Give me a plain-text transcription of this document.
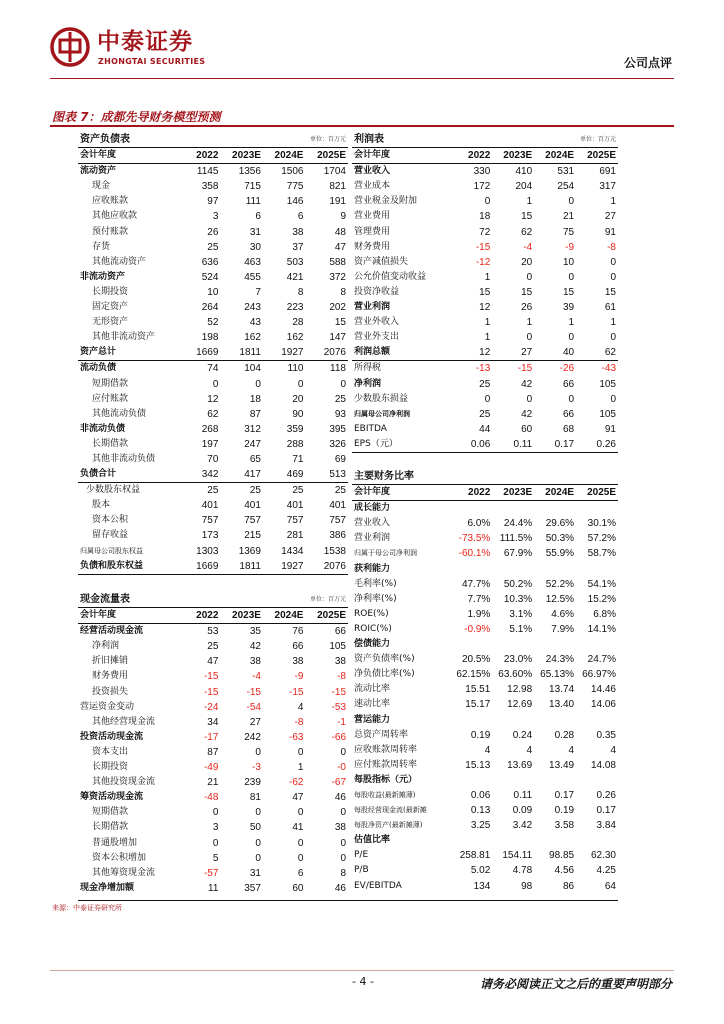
中泰证券
ZHONGTAI SECURITIES	公司点评
图表 7：成都先导财务模型预测
资产负债表			单位：百万元	
会计年度	2022	2023E	2024E	2025E
流动资产	1145	1356	1506	1704
现金	358	715	775	821
应收账款	97	111	146	191
其他应收款	3	6	6	9
预付账款	26	31	38	48
存货	25	30	37	47
其他流动资产	636	463	503	588
非流动资产	524	455	421	372
长期投资	10	7	8	8
固定资产	264	243	223	202
无形资产	52	43	28	15
其他非流动资产	198	162	162	147
资产总计	1669	1811	1927	2076
流动负债	74	104	110	118
短期借款	0	0	0	0
应付账款	12	18	20	25
其他流动负债	62	87	90	93
非流动负债	268	312	359	395
长期借款	197	247	288	326
其他非流动负债	70	65	71	69
负债合计	342	417	469	513
少数股东权益	25	25	25	25
股本	401	401	401	401
资本公积	757	757	757	757
留存收益	173	215	281	386
归属母公司股东权益	1303	1369	1434	1538
负债和股东权益	1669	1811	1927	2076
现金流量表			单位：百万元	
会计年度	2022	2023E	2024E	2025E
经营活动现金流	53	35	76	66
净利润	25	42	66	105
折旧摊销	47	38	38	38
财务费用	-15	-4	-9	-8
投资损失	-15	-15	-15	-15
营运资金变动	-24	-54	4	-53
其他经营现金流	34	27	-8	-1
投资活动现金流	-17	242	-63	-66
资本支出	87	0	0	0
长期投资	-49	-3	1	-0
其他投资现金流	21	239	-62	-67
筹资活动现金流	-48	81	47	46
短期借款	0	0	0	0
长期借款	3	50	41	38
普通股增加	0	0	0	0
资本公积增加	5	0	0	0
其他筹资现金流	-57	31	6	8
现金净增加额	11	357	60	46
利润表			单位：百万元	
会计年度	2022	2023E	2024E	2025E
营业收入	330	410	531	691
营业成本	172	204	254	317
营业税金及附加	0	1	0	1
营业费用	18	15	21	27
管理费用	72	62	75	91
财务费用	-15	-4	-9	-8
资产减值损失	-12	20	10	0
公允价值变动收益	1	0	0	0
投资净收益	15	15	15	15
营业利润	12	26	39	61
营业外收入	1	1	1	1
营业外支出	1	0	0	0
利润总额	12	27	40	62
所得税	-13	-15	-26	-43
净利润	25	42	66	105
少数股东损益	0	0	0	0
归属母公司净利润	25	42	66	105
EBITDA	44	60	68	91
EPS（元）	0.06	0.11	0.17	0.26
主要财务比率				
会计年度	2022	2023E	2024E	2025E
成长能力				
营业收入	6.0%	24.4%	29.6%	30.1%
营业利润	-73.5%	111.5%	50.3%	57.2%
归属于母公司净利润	-60.1%	67.9%	55.9%	58.7%
获利能力				
毛利率(%)	47.7%	50.2%	52.2%	54.1%
净利率(%)	7.7%	10.3%	12.5%	15.2%
ROE(%)	1.9%	3.1%	4.6%	6.8%
ROIC(%)	-0.9%	5.1%	7.9%	14.1%
偿债能力				
资产负债率(%)	20.5%	23.0%	24.3%	24.7%
净负债比率(%)	62.15%	63.60%	65.13%	66.97%
流动比率	15.51	12.98	13.74	14.46
速动比率	15.17	12.69	13.40	14.06
营运能力				
总资产周转率	0.19	0.24	0.28	0.35
应收账款周转率	4	4	4	4
应付账款周转率	15.13	13.69	13.49	14.08
每股指标（元）				
每股收益(最新摊薄)	0.06	0.11	0.17	0.26
每股经营现金流(最新摊	0.13	0.09	0.19	0.17
每股净资产(最新摊薄)	3.25	3.42	3.58	3.84
估值比率				
P/E	258.81	154.11	98.85	62.30
P/B	5.02	4.78	4.56	4.25
EV/EBITDA	134	98	86	64
来源：中泰证券研究所
- 4 -	请务必阅读正文之后的重要声明部分
